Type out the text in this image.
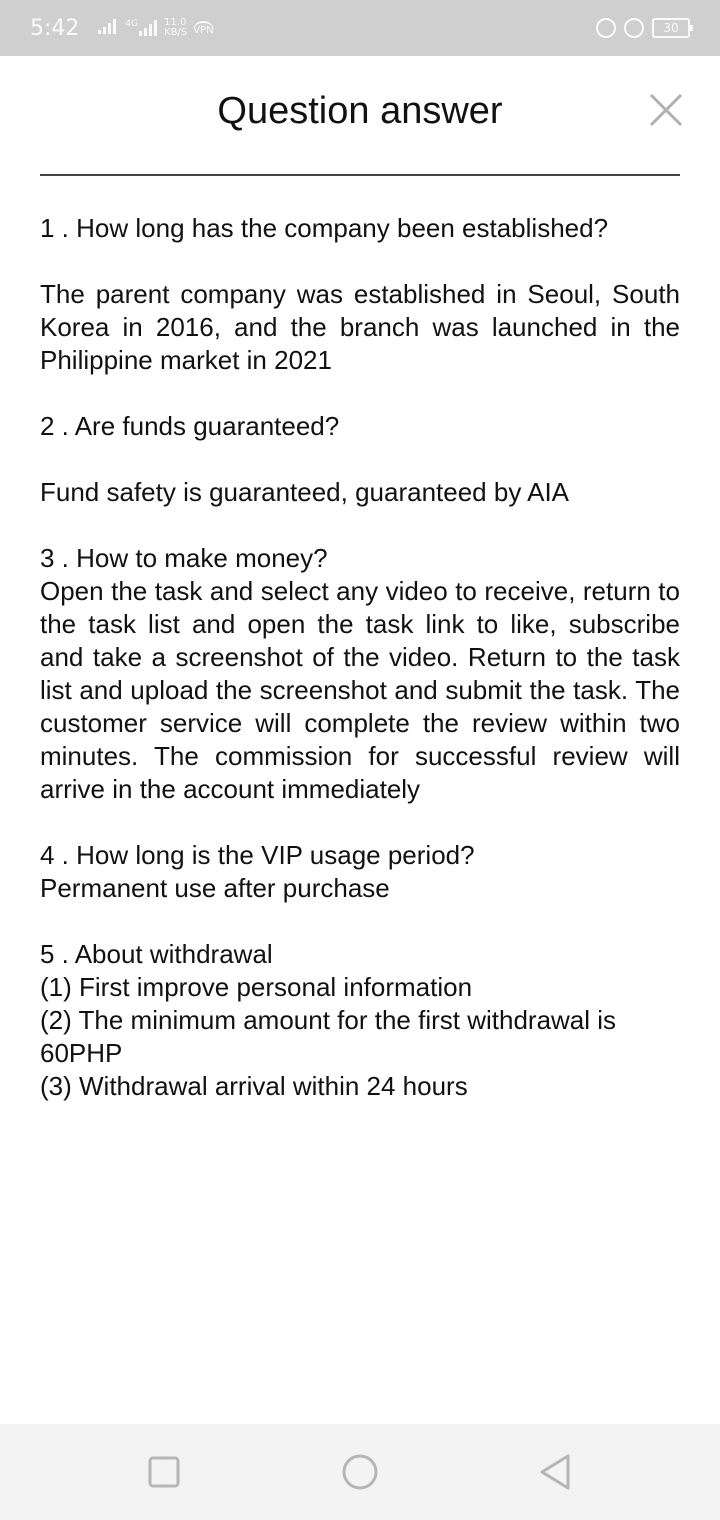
5:42	4G	11.0
KB/S VPN	30
Question answer

1 . How long has the company been established?

The parent company was established in Seoul, South Korea in 2016, and the branch was launched in the Philippine market in 2021

2 . Are funds guaranteed?

Fund safety is guaranteed, guaranteed by AIA

3 . How to make money?

Open the task and select any video to receive, return to the task list and open the task link to like, subscribe and take a screenshot of the video. Return to the task list and upload the screenshot and submit the task. The customer service will complete the review within two minutes. The commission for successful review will arrive in the account immediately

4 . How long is the VIP usage period?

Permanent use after purchase

5 . About withdrawal

(1) First improve personal information

(2) The minimum amount for the first withdrawal is 60PHP

(3) Withdrawal arrival within 24 hours
